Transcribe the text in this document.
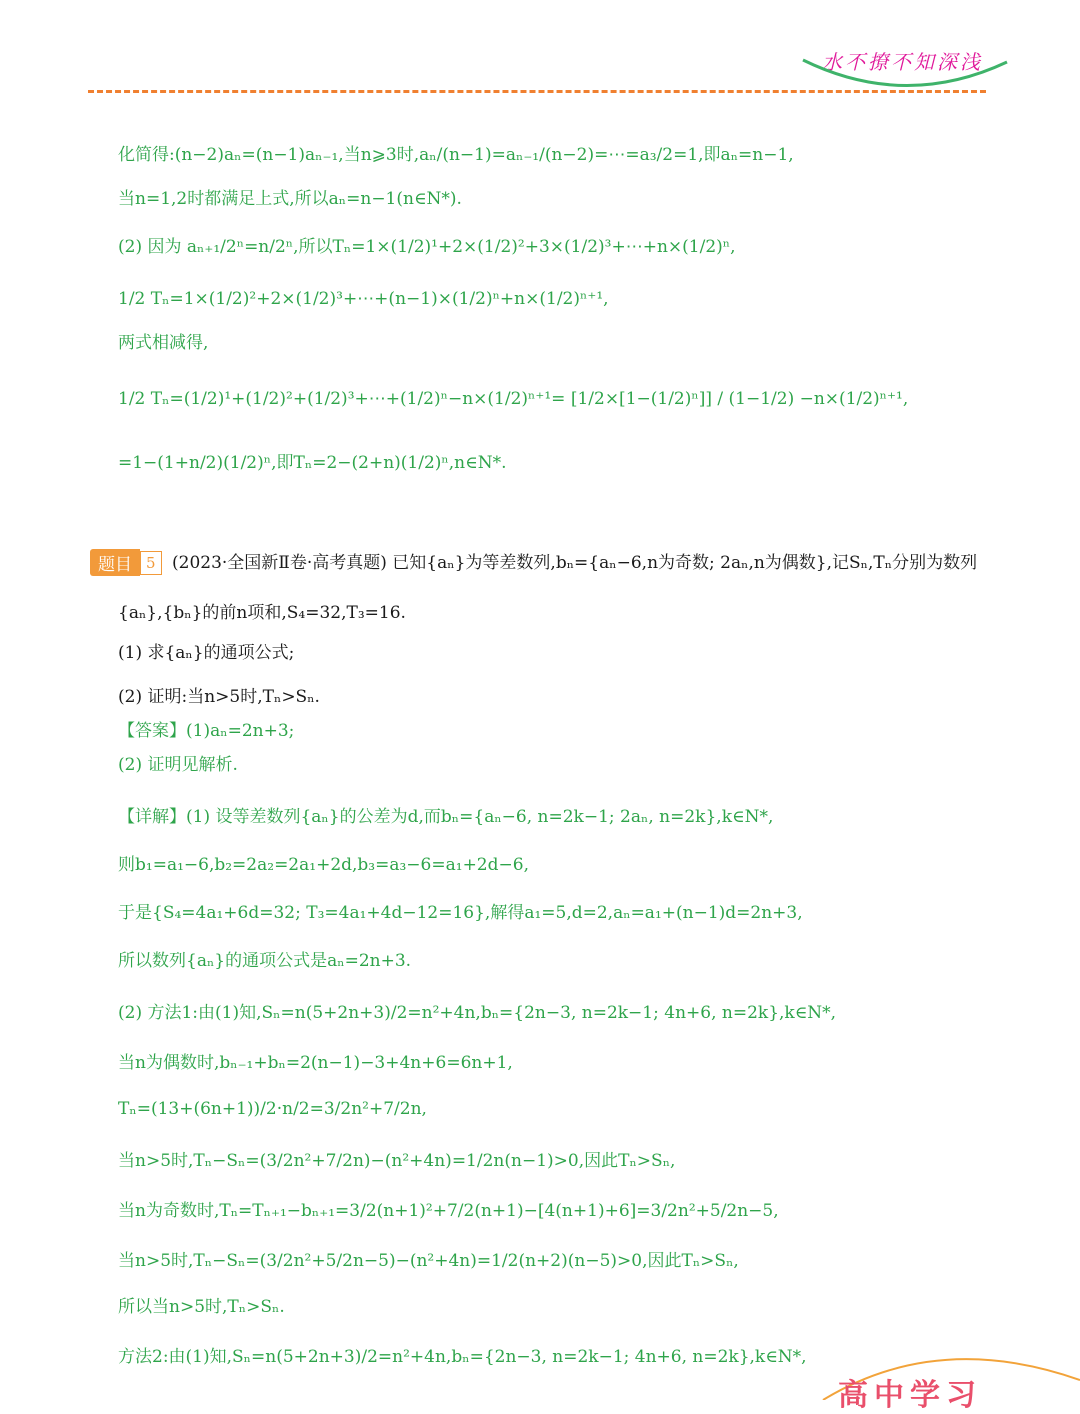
水不撩不知深浅
化简得:(n−2)aₙ=(n−1)aₙ₋₁,当n⩾3时,aₙ/(n−1)=aₙ₋₁/(n−2)=⋯=a₃/2=1,即aₙ=n−1,
当n=1,2时都满足上式,所以aₙ=n−1(n∈N*).
(2) 因为 aₙ₊₁/2ⁿ=n/2ⁿ,所以Tₙ=1×(1/2)¹+2×(1/2)²+3×(1/2)³+⋯+n×(1/2)ⁿ,
1/2 Tₙ=1×(1/2)²+2×(1/2)³+⋯+(n−1)×(1/2)ⁿ+n×(1/2)ⁿ⁺¹,
两式相减得,
1/2 Tₙ=(1/2)¹+(1/2)²+(1/2)³+⋯+(1/2)ⁿ−n×(1/2)ⁿ⁺¹= [1/2×[1−(1/2)ⁿ]] / (1−1/2) −n×(1/2)ⁿ⁺¹,
=1−(1+n/2)(1/2)ⁿ,即Tₙ=2−(2+n)(1/2)ⁿ,n∈N*.
题目 5 (2023·全国新Ⅱ卷·高考真题) 已知{aₙ}为等差数列,bₙ={aₙ−6,n为奇数; 2aₙ,n为偶数},记Sₙ,Tₙ分别为数列
{aₙ},{bₙ}的前n项和,S₄=32,T₃=16.
(1) 求{aₙ}的通项公式;
(2) 证明:当n>5时,Tₙ>Sₙ.
【答案】(1)aₙ=2n+3;
(2) 证明见解析.
【详解】(1) 设等差数列{aₙ}的公差为d,而bₙ={aₙ−6, n=2k−1; 2aₙ, n=2k},k∈N*,
则b₁=a₁−6,b₂=2a₂=2a₁+2d,b₃=a₃−6=a₁+2d−6,
于是{S₄=4a₁+6d=32; T₃=4a₁+4d−12=16},解得a₁=5,d=2,aₙ=a₁+(n−1)d=2n+3,
所以数列{aₙ}的通项公式是aₙ=2n+3.
(2) 方法1:由(1)知,Sₙ=n(5+2n+3)/2=n²+4n,bₙ={2n−3, n=2k−1; 4n+6, n=2k},k∈N*,
当n为偶数时,bₙ₋₁+bₙ=2(n−1)−3+4n+6=6n+1,
Tₙ=(13+(6n+1))/2·n/2=3/2n²+7/2n,
当n>5时,Tₙ−Sₙ=(3/2n²+7/2n)−(n²+4n)=1/2n(n−1)>0,因此Tₙ>Sₙ,
当n为奇数时,Tₙ=Tₙ₊₁−bₙ₊₁=3/2(n+1)²+7/2(n+1)−[4(n+1)+6]=3/2n²+5/2n−5,
当n>5时,Tₙ−Sₙ=(3/2n²+5/2n−5)−(n²+4n)=1/2(n+2)(n−5)>0,因此Tₙ>Sₙ,
所以当n>5时,Tₙ>Sₙ.
方法2:由(1)知,Sₙ=n(5+2n+3)/2=n²+4n,bₙ={2n−3, n=2k−1; 4n+6, n=2k},k∈N*,
高中学习
